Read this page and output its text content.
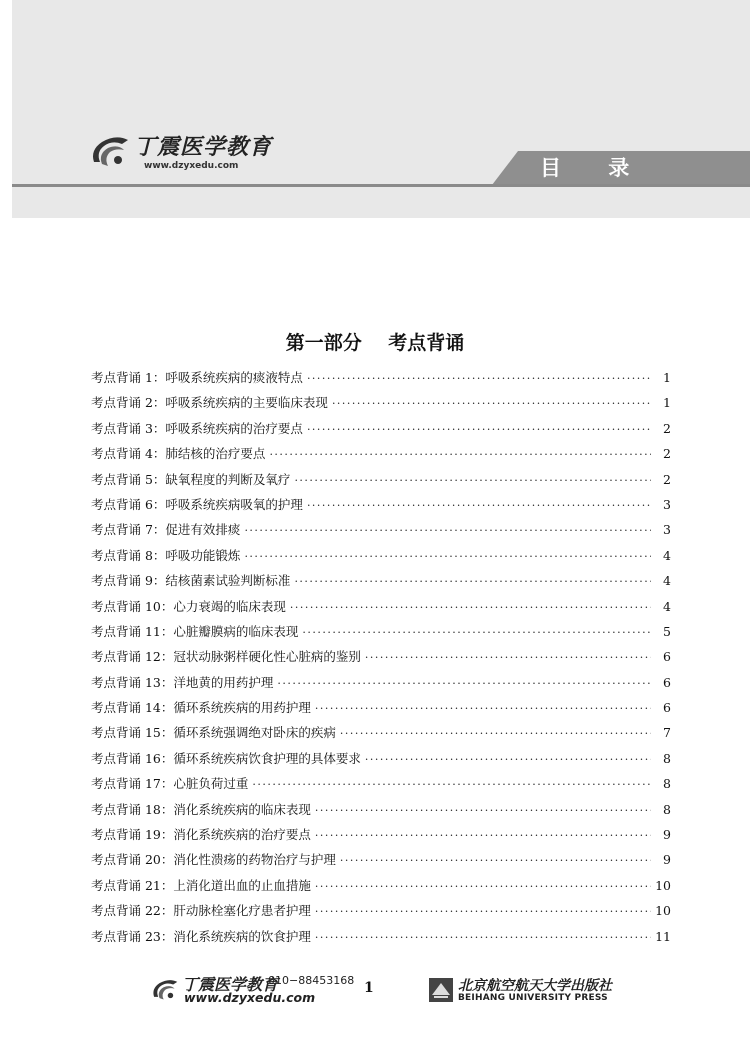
丁震医学教育
www.dzyxedu.com	目 录
第一部分    考点背诵
考点背诵 1：呼吸系统疾病的痰液特点 ·····	1
考点背诵 2：呼吸系统疾病的主要临床表现 ·····	1
考点背诵 3：呼吸系统疾病的治疗要点 ·····	2
考点背诵 4：肺结核的治疗要点 ·····	2
考点背诵 5：缺氧程度的判断及氧疗 ·····	2
考点背诵 6：呼吸系统疾病吸氧的护理 ·····	3
考点背诵 7：促进有效排痰 ·····	3
考点背诵 8：呼吸功能锻炼 ·····	4
考点背诵 9：结核菌素试验判断标准 ·····	4
考点背诵 10：心力衰竭的临床表现 ·····	4
考点背诵 11：心脏瓣膜病的临床表现 ·····	5
考点背诵 12：冠状动脉粥样硬化性心脏病的鉴别 ·····	6
考点背诵 13：洋地黄的用药护理 ·····	6
考点背诵 14：循环系统疾病的用药护理 ·····	6
考点背诵 15：循环系统强调绝对卧床的疾病 ·····	7
考点背诵 16：循环系统疾病饮食护理的具体要求 ·····	8
考点背诵 17：心脏负荷过重 ·····	8
考点背诵 18：消化系统疾病的临床表现 ·····	8
考点背诵 19：消化系统疾病的治疗要点 ·····	9
考点背诵 20：消化性溃疡的药物治疗与护理 ·····	9
考点背诵 21：上消化道出血的止血措施 ·····	10
考点背诵 22：肝动脉栓塞化疗患者护理 ·····	10
考点背诵 23：消化系统疾病的饮食护理 ·····	11
丁震医学教育
010−88453168
www.dzyxedu.com
1	北京航空航天大学出版社
BEIHANG UNIVERSITY PRESS
